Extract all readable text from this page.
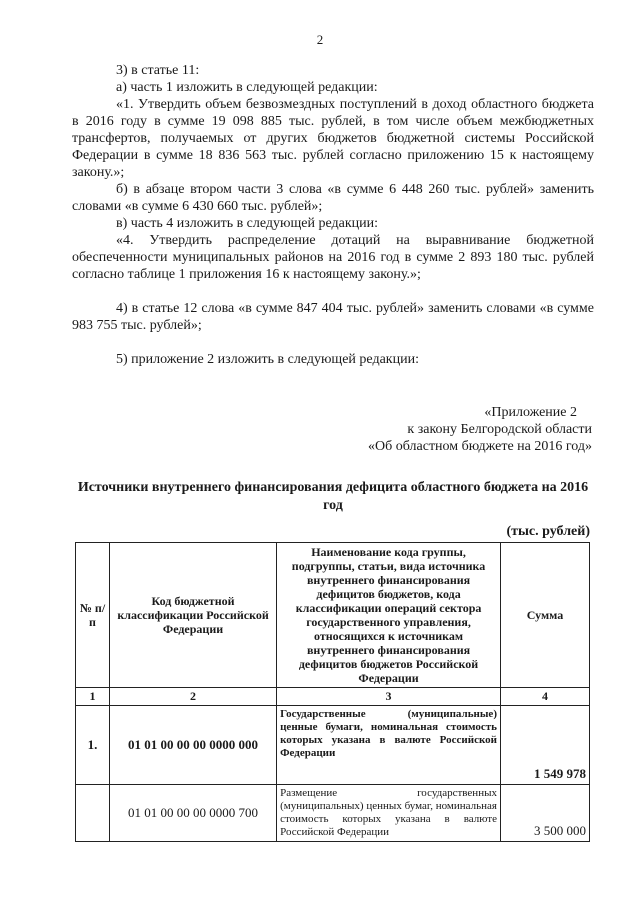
2

3) в статье 11:

а) часть 1 изложить в следующей редакции:

«1. Утвердить объем безвозмездных поступлений в доход областного бюджета в 2016 году в сумме 19 098 885 тыс. рублей, в том числе объем межбюджетных трансфертов, получаемых от других бюджетов бюджетной системы Российской Федерации в сумме 18 836 563 тыс. рублей согласно приложению 15 к настоящему закону.»;

б) в абзаце втором части 3 слова «в сумме 6 448 260 тыс. рублей» заменить словами «в сумме 6 430 660 тыс. рублей»;

в) часть 4 изложить в следующей редакции:

«4. Утвердить распределение дотаций на выравнивание бюджетной обеспеченности муниципальных районов на 2016 год в сумме 2 893 180 тыс. рублей согласно таблице 1 приложения 16 к настоящему закону.»;

4) в статье 12 слова «в сумме 847 404 тыс. рублей» заменить словами «в сумме 983 755 тыс. рублей»;

5) приложение 2 изложить в следующей редакции:

«Приложение 2
к закону Белгородской области
«Об областном бюджете на 2016 год»
Источники внутреннего финансирования дефицита областного бюджета на 2016 год
(тыс. рублей)
№ п/п	Код бюджетной классификации Российской Федерации	Наименование кода группы, подгруппы, статьи, вида источника внутреннего финансирования дефицитов бюджетов, кода классификации операций сектора государственного управления, относящихся к источникам внутреннего финансирования дефицитов бюджетов Российской Федерации	Сумма
1	2	3	4
1.	01 01 00 00 00 0000 000	Государственные (муниципальные) ценные бумаги, номинальная стоимость которых указана в валюте Российской Федерации	1 549 978
	01 01 00 00 00 0000 700	Размещение государственных (муниципальных) ценных бумаг, номинальная стоимость которых указана в валюте Российской Федерации	3 500 000
